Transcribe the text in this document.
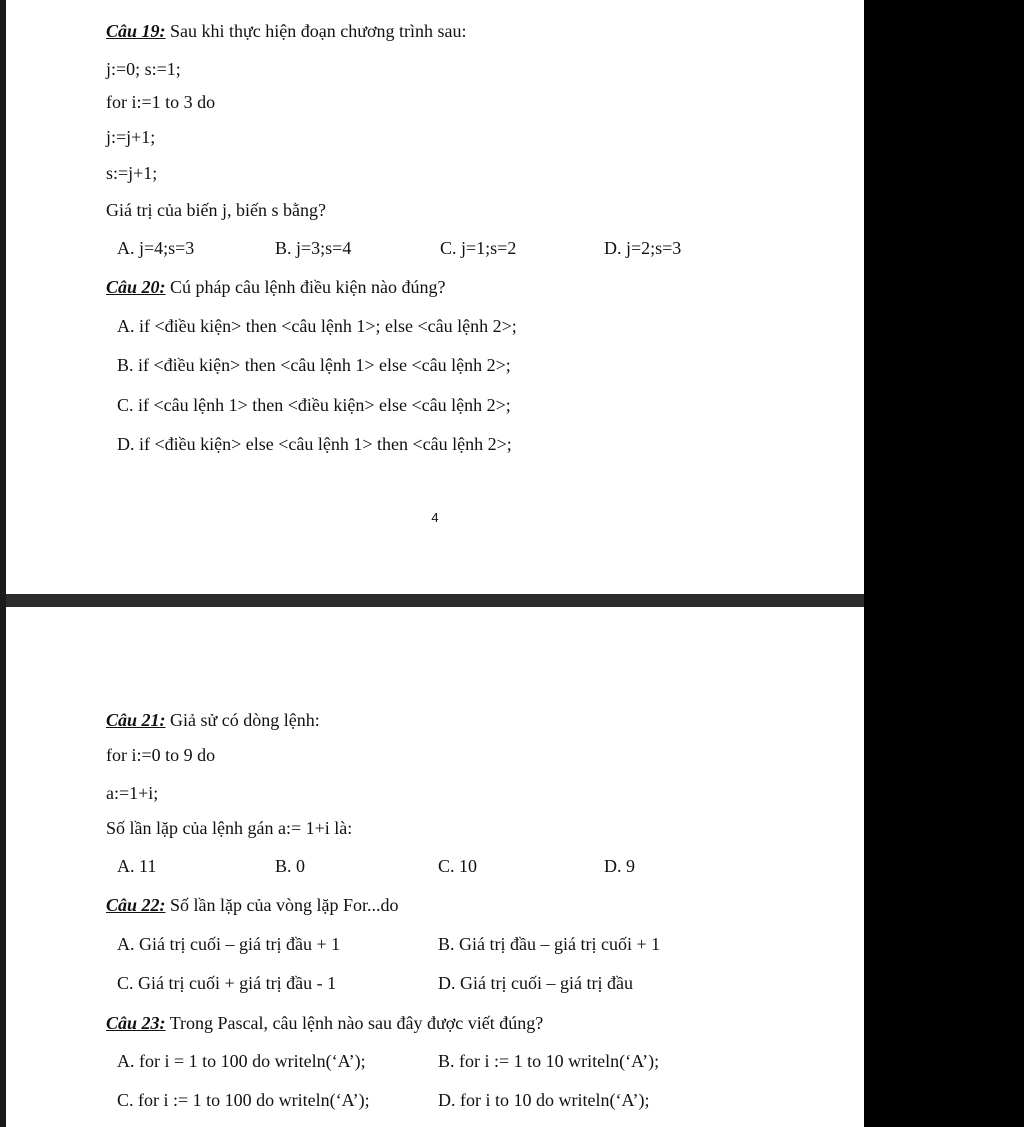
Câu 19: Sau khi thực hiện đoạn chương trình sau:
j:=0; s:=1;
for i:=1 to 3 do
j:=j+1;
s:=j+1;
Giá trị của biến j, biến s bằng?
A. j=4;s=3	B. j=3;s=4	C. j=1;s=2	D. j=2;s=3
Câu 20: Cú pháp câu lệnh điều kiện nào đúng?
A. if <điều kiện> then <câu lệnh 1>; else <câu lệnh 2>;
B. if <điều kiện> then <câu lệnh 1> else <câu lệnh 2>;
C. if <câu lệnh 1> then <điều kiện> else <câu lệnh 2>;
D. if <điều kiện> else <câu lệnh 1> then <câu lệnh 2>;
4
Câu 21: Giả sử có dòng lệnh:
for i:=0 to 9 do
a:=1+i;
Số lần lặp của lệnh gán a:= 1+i là:
A. 11	B. 0	C. 10	D. 9
Câu 22: Số lần lặp của vòng lặp For...do
A. Giá trị cuối – giá trị đầu + 1	B. Giá trị đầu – giá trị cuối + 1
C. Giá trị cuối + giá trị đầu - 1	D. Giá trị cuối – giá trị đầu
Câu 23: Trong Pascal, câu lệnh nào sau đây được viết đúng?
A. for i = 1 to 100 do writeln(‘A’);	B. for i := 1 to 10 writeln(‘A’);
C. for i := 1 to 100 do writeln(‘A’);	D. for i to 10 do writeln(‘A’);
